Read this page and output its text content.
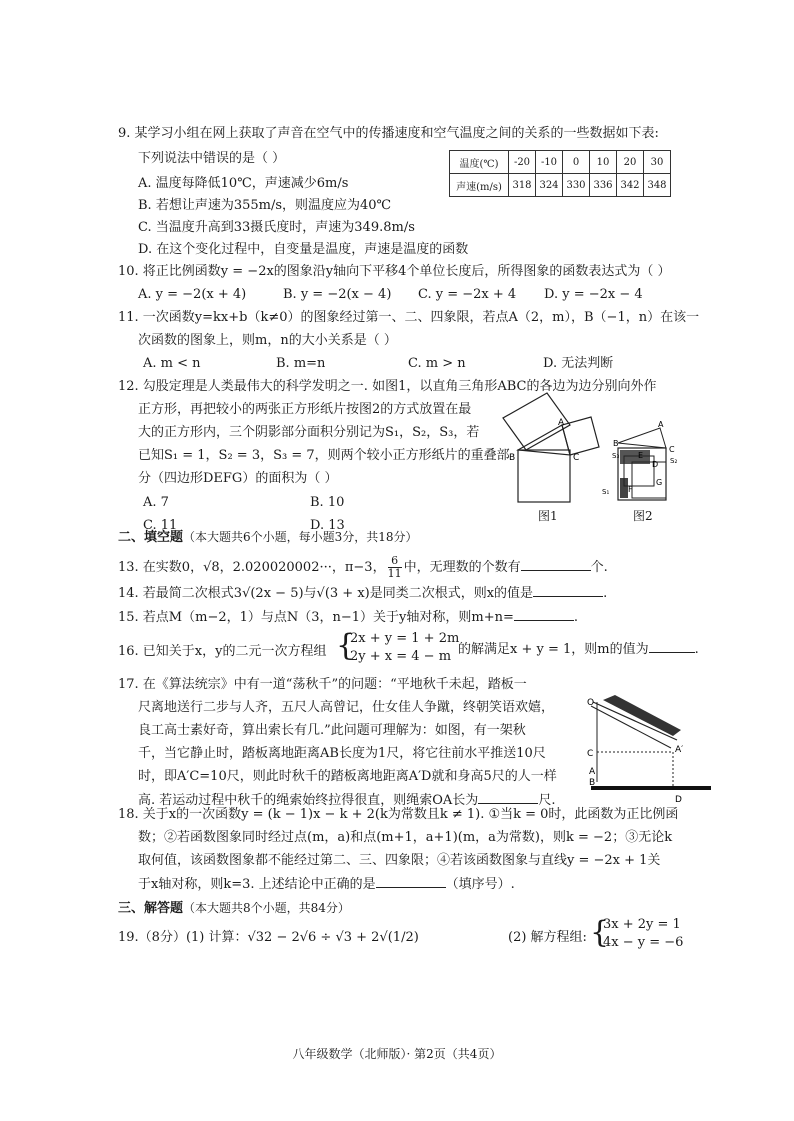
9. 某学习小组在网上获取了声音在空气中的传播速度和空气温度之间的关系的一些数据如下表:
下列说法中错误的是（ ）
A. 温度每降低10℃，声速减少6m/s
B. 若想让声速为355m/s，则温度应为40℃
C. 当温度升高到33摄氏度时，声速为349.8m/s
D. 在这个变化过程中，自变量是温度，声速是温度的函数
温度(℃)	-20	-10	0	10	20	30
声速(m/s)	318	324	330	336	342	348
10. 将正比例函数y = −2x的图象沿y轴向下平移4个单位长度后，所得图象的函数表达式为（ ）
A. y = −2(x + 4)	B. y = −2(x − 4) C. y = −2x + 4 D. y = −2x − 4
11. 一次函数y=kx+b（k≠0）的图象经过第一、二、四象限，若点A（2，m），B（−1，n）在该一
次函数的图象上，则m，n的大小关系是（ ）
A. m < n	B. m=n	C. m > n	D. 无法判断
12. 勾股定理是人类最伟大的科学发明之一. 如图1，以直角三角形ABC的各边为边分别向外作
正方形，再把较小的两张正方形纸片按图2的方式放置在最
大的正方形内，三个阴影部分面积分别记为S₁，S₂，S₃，若
已知S₁ = 1，S₂ = 3，S₃ = 7，则两个较小正方形纸片的重叠部
分（四边形DEFG）的面积为（ ）
A. 7	B. 10
C. 11	D. 13
A
B	C
图1
S₃
S₂
S₁
B
A
C
D
E
F
G
图2
二、填空题（本大题共6个小题，每小题3分，共18分）
13. 在实数0，√8，2.020020002···，π−3， $\frac{6}{11}$ 中，无理数的个数有	个.
14. 若最简二次根式3√(2x − 5)与√(3 + x)是同类二次根式，则x的值是	.
15. 若点M（m−2，1）与点N（3，n−1）关于y轴对称，则m+n=	.
16. 已知关于x，y的二元一次方程组 {
2x + y = 1 + 2m
2y + x = 4 − m 的解满足x + y = 1，则m的值为	.
17. 在《算法统宗》中有一道“荡秋千”的问题：“平地秋千未起，踏板一
尺离地送行二步与人齐，五尺人高曾记，仕女佳人争蹴，终朝笑语欢嬉，
良工高士素好奇，算出索长有几.”此问题可理解为：如图，有一架秋
千，当它静止时，踏板离地距离AB长度为1尺，将它往前水平推送10尺
时，即A′C=10尺，则此时秋千的踏板离地距离A′D就和身高5尺的人一样
高. 若运动过程中秋千的绳索始终拉得很直，则绳索OA长为	尺.
O
C
A
B
A′
D
18. 关于x的一次函数y = (k − 1)x − k + 2(k为常数且k ≠ 1). ①当k = 0时，此函数为正比例函
数；②若函数图象同时经过点(m，a)和点(m+1，a+1)(m，a为常数)，则k = −2；③无论k
取何值，该函数图象都不能经过第二、三、四象限；④若该函数图象与直线y = −2x + 1关
于x轴对称，则k=3. 上述结论中正确的是	（填序号）.
三、解答题（本大题共8个小题，共84分）
19.（8分）(1) 计算：√32 − 2√6 ÷ √3 + 2√(1/2)	(2) 解方程组: {
3x + 2y = 1
4x − y = −6
八年级数学（北师版）· 第2页（共4页）
